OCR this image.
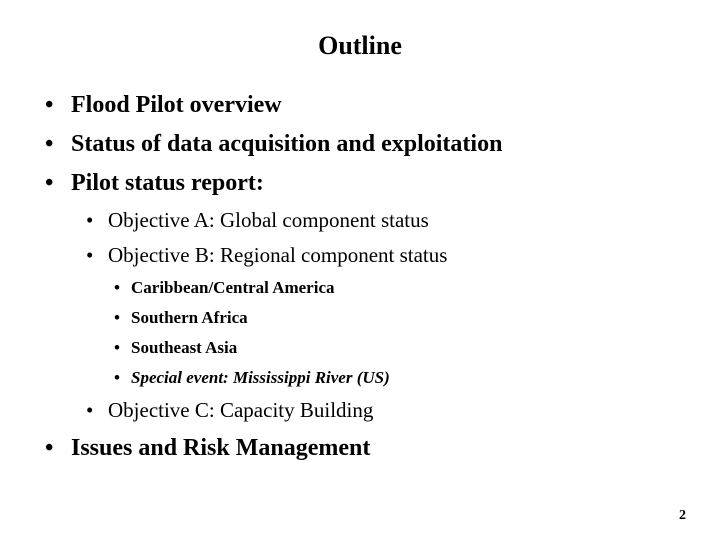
Outline
• Flood Pilot overview
• Status of data acquisition and exploitation
• Pilot status report:
• Objective A: Global component status
• Objective B: Regional component status
• Caribbean/Central America
• Southern Africa
• Southeast Asia
• Special event: Mississippi River (US)
• Objective C: Capacity Building
• Issues and Risk Management
2
